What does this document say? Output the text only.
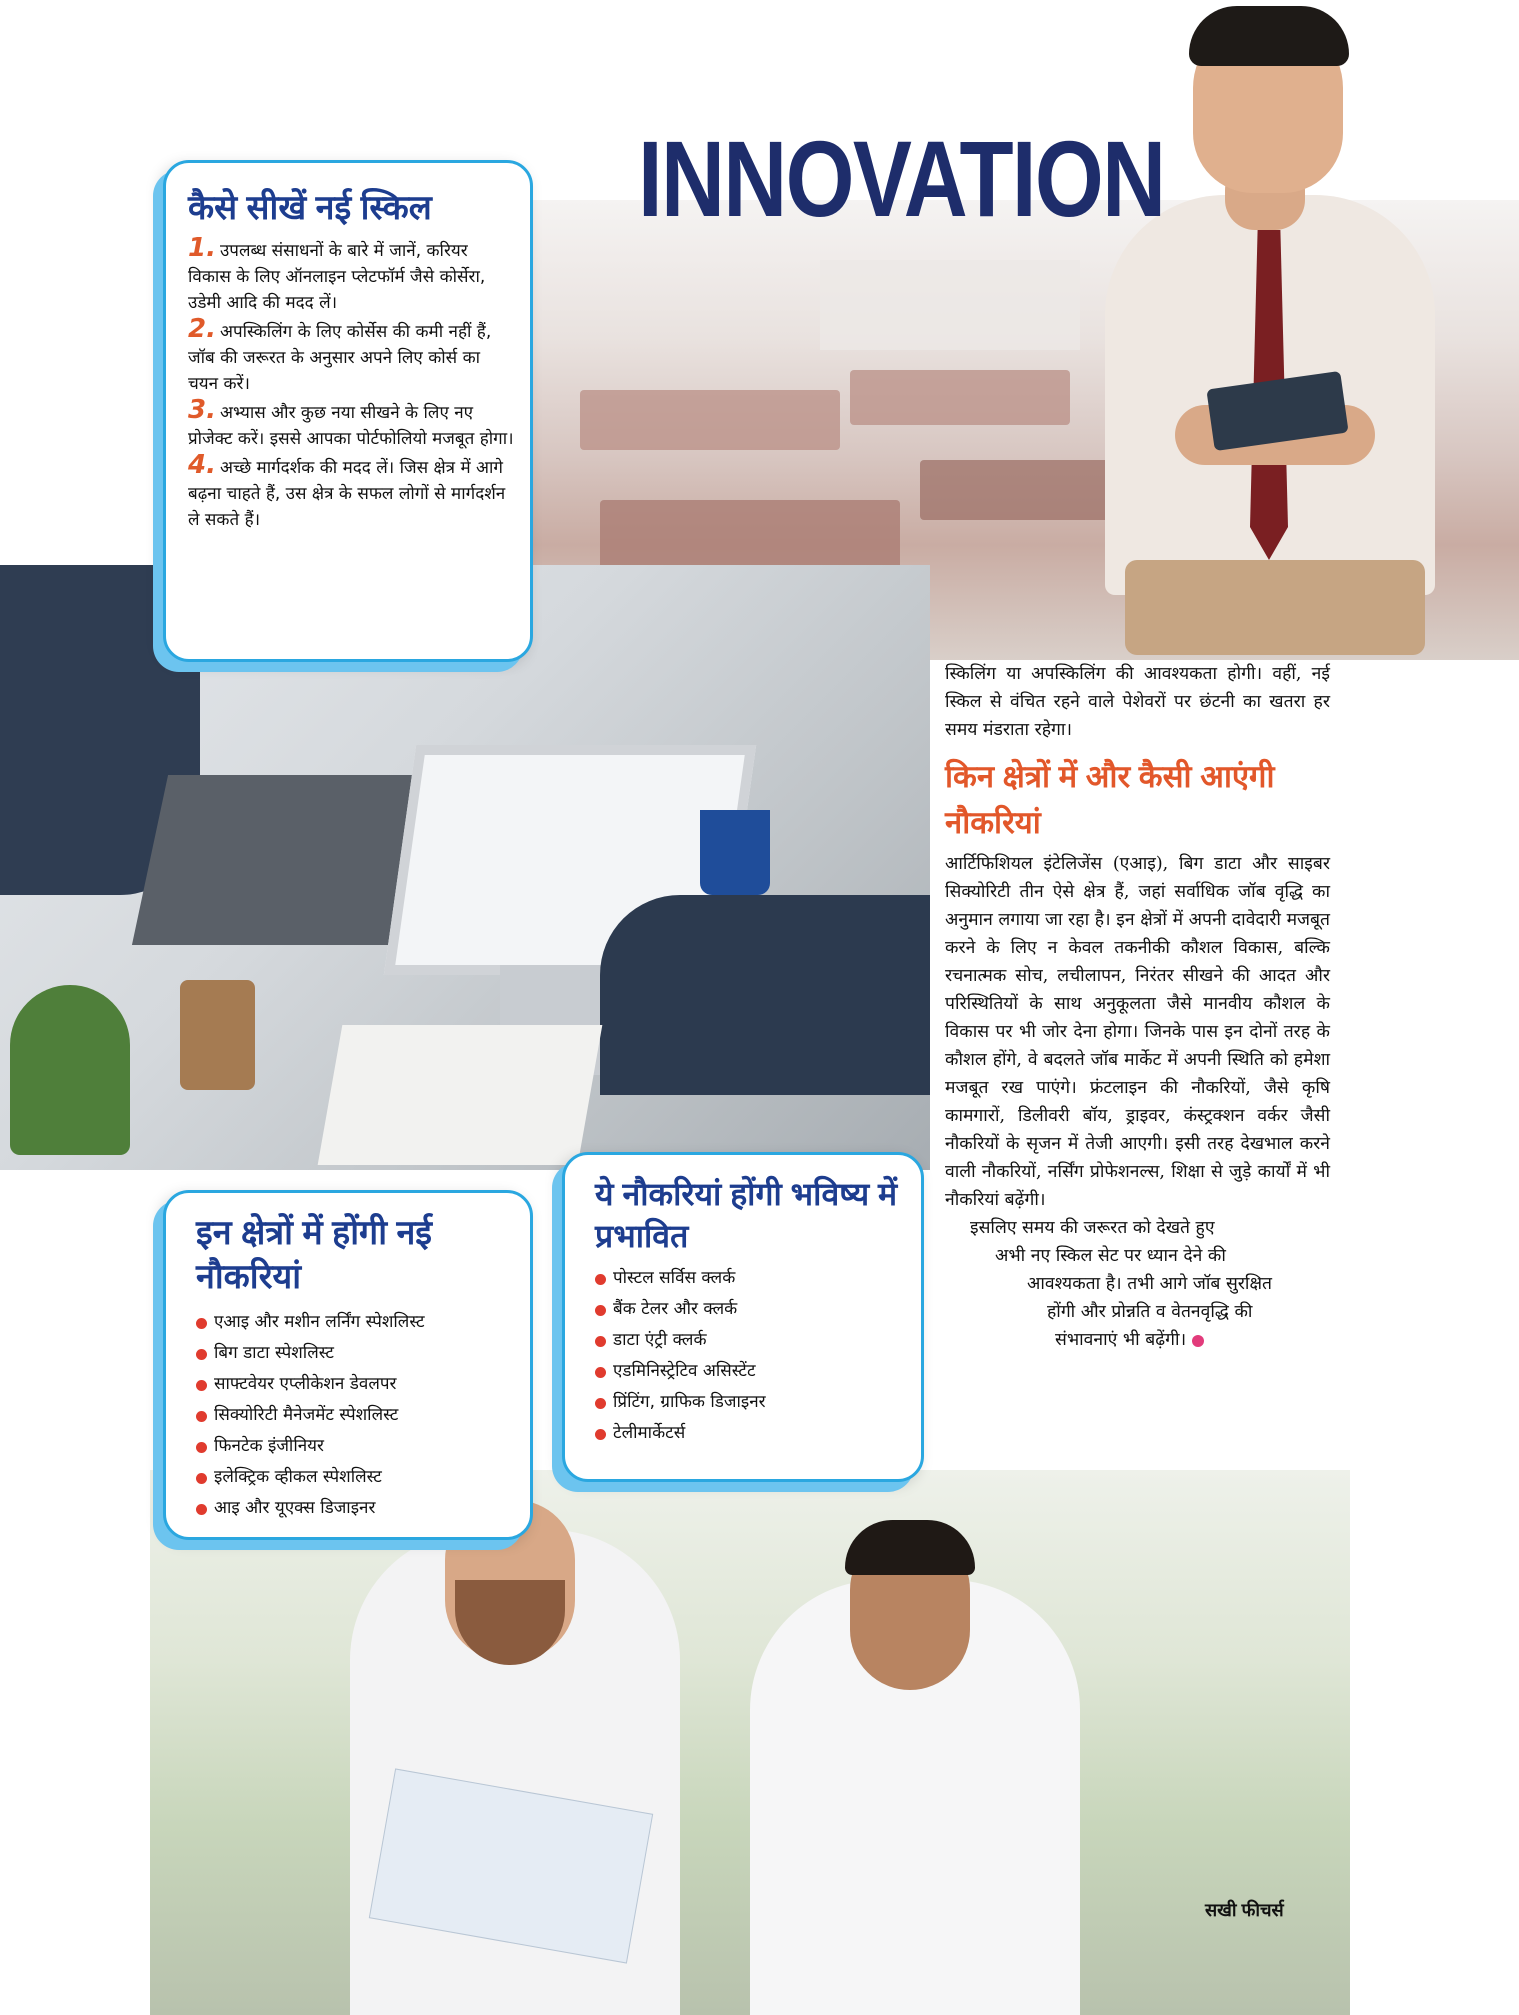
INNOVATION
कैसे सीखें नई स्किल

1. उपलब्ध संसाधनों के बारे में जानें, करियर विकास के लिए ऑनलाइन प्लेटफॉर्म जैसे कोर्सेरा, उडेमी आदि की मदद लें।

2. अपस्किलिंग के लिए कोर्सेस की कमी नहीं हैं, जॉब की जरूरत के अनुसार अपने लिए कोर्स का चयन करें।

3. अभ्यास और कुछ नया सीखने के लिए नए प्रोजेक्ट करें। इससे आपका पोर्टफोलियो मजबूत होगा।

4. अच्छे मार्गदर्शक की मदद लें। जिस क्षेत्र में आगे बढ़ना चाहते हैं, उस क्षेत्र के सफल लोगों से मार्गदर्शन ले सकते हैं।

इन क्षेत्रों में होंगी नई नौकरियां
एआइ और मशीन लर्निंग स्पेशलिस्ट
बिग डाटा स्पेशलिस्ट
साफ्टवेयर एप्लीकेशन डेवलपर
सिक्योरिटी मैनेजमेंट स्पेशलिस्ट
फिनटेक इंजीनियर
इलेक्ट्रिक व्हीकल स्पेशलिस्ट
आइ और यूएक्स डिजाइनर
ये नौकरियां होंगी भविष्य में प्रभावित
पोस्टल सर्विस क्लर्क
बैंक टेलर और क्लर्क
डाटा एंट्री क्लर्क
एडमिनिस्ट्रेटिव असिस्टेंट
प्रिंटिंग, ग्राफिक डिजाइनर
टेलीमार्केटर्स

स्किलिंग या अपस्किलिंग की आवश्यकता होगी। वहीं, नई स्किल से वंचित रहने वाले पेशेवरों पर छंटनी का खतरा हर समय मंडराता रहेगा।

किन क्षेत्रों में और कैसी आएंगी नौकरियां

आर्टिफिशियल इंटेलिजेंस (एआइ), बिग डाटा और साइबर सिक्योरिटी तीन ऐसे क्षेत्र हैं, जहां सर्वाधिक जॉब वृद्धि का अनुमान लगाया जा रहा है। इन क्षेत्रों में अपनी दावेदारी मजबूत करने के लिए न केवल तकनीकी कौशल विकास, बल्कि रचनात्मक सोच, लचीलापन, निरंतर सीखने की आदत और परिस्थितियों के साथ अनुकूलता जैसे मानवीय कौशल के विकास पर भी जोर देना होगा। जिनके पास इन दोनों तरह के कौशल होंगे, वे बदलते जॉब मार्केट में अपनी स्थिति को हमेशा मजबूत रख पाएंगे। फ्रंटलाइन की नौकरियों, जैसे कृषि कामगारों, डिलीवरी बॉय, ड्राइवर, कंस्ट्रक्शन वर्कर जैसी नौकरियों के सृजन में तेजी आएगी। इसी तरह देखभाल करने वाली नौकरियों, नर्सिंग प्रोफेशनल्स, शिक्षा से जुड़े कार्यों में भी नौकरियां बढ़ेंगी।

इसलिए समय की जरूरत को देखते हुए
अभी नए स्किल सेट पर ध्यान देने की
आवश्यकता है। तभी आगे जॉब सुरक्षित
होंगी और प्रोन्नति व वेतनवृद्धि की
संभावनाएं भी बढ़ेंगी।
सखी फीचर्स
